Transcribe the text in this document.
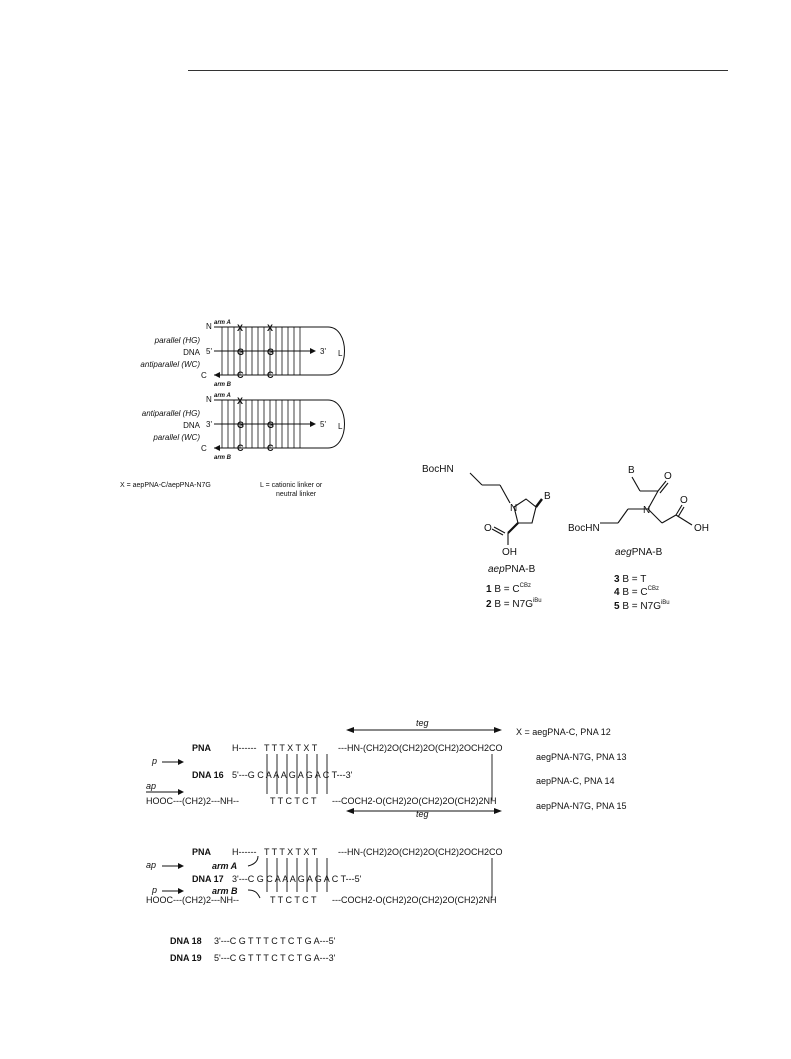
N arm A
L
5'	3'
C
arm B
X	X
G	G
C	C
parallel (HG)
DNA
antiparallel (WC)
N arm A
L
3'	5'
C
arm B
X
G
G
C	C
antiparallel (HG)
DNA
parallel (WC)
X = aepPNA-C/aepPNA-N7G	L = cationic linker or
neutral linker
BocHN
N
B
O
OH
aepPNA-B
1 $B = C^{CBz}$
2 $B = N7G^{iBu}$
B
O
N
O
OH
BocHN
aegPNA-B
3 B = T
4 $B = C^{CBz}$
5 $B = N7G^{iBu}$
teg
PNA H------ T T T X T X T ---HN-(CH2)2O(CH2)2O(CH2)2OCH2CO
p
DNA 16 5'---G C A A A G A G A C T---3'
ap
HOOC---(CH2)2---NH--	T T C T C T ---COCH2-O(CH2)2O(CH2)2O(CH2)2NH
teg
X = aegPNA-C, PNA 12
aegPNA-N7G, PNA 13
aepPNA-C, PNA 14
aepPNA-N7G, PNA 15
PNA H------ T T T X T X T ---HN-(CH2)2O(CH2)2O(CH2)2OCH2CO
ap	arm A
DNA 17 3'---C G C A A A G A G A C T---5'
p	arm B
HOOC---(CH2)2---NH--	T T C T C T ---COCH2-O(CH2)2O(CH2)2O(CH2)2NH
DNA 18 3'---C G T T T C T C T G A---5'
DNA 19 5'---C G T T T C T C T G A---3'
